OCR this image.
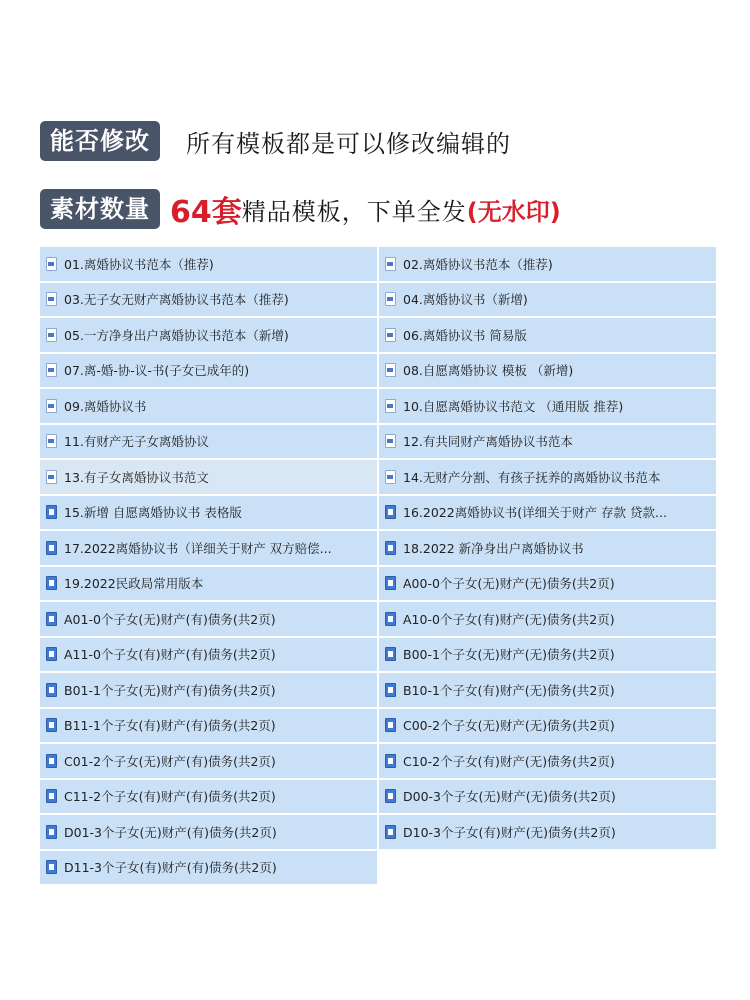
能否修改	所有模板都是可以修改编辑的
素材数量 64套 精品模板，下单全发 (无水印)
01.离婚协议书范本（推荐)	02.离婚协议书范本（推荐)
03.无子女无财产离婚协议书范本（推荐)	04.离婚协议书（新增)
05.一方净身出户离婚协议书范本（新增)	06.离婚协议书 简易版
07.离-婚-协-议-书(子女已成年的)	08.自愿离婚协议 模板 （新增)
09.离婚协议书	10.自愿离婚协议书范文 （通用版 推荐)
11.有财产无子女离婚协议	12.有共同财产离婚协议书范本
13.有子女离婚协议书范文	14.无财产分割、有孩子抚养的离婚协议书范本
15.新增 自愿离婚协议书 表格版	16.2022离婚协议书(详细关于财产 存款 贷款...
17.2022离婚协议书（详细关于财产 双方赔偿...	18.2022 新净身出户离婚协议书
19.2022民政局常用版本	A00-0个子女(无)财产(无)债务(共2页)
A01-0个子女(无)财产(有)债务(共2页)	A10-0个子女(有)财产(无)债务(共2页)
A11-0个子女(有)财产(有)债务(共2页)	B00-1个子女(无)财产(无)债务(共2页)
B01-1个子女(无)财产(有)债务(共2页)	B10-1个子女(有)财产(无)债务(共2页)
B11-1个子女(有)财产(有)债务(共2页)	C00-2个子女(无)财产(无)债务(共2页)
C01-2个子女(无)财产(有)债务(共2页)	C10-2个子女(有)财产(无)债务(共2页)
C11-2个子女(有)财产(有)债务(共2页)	D00-3个子女(无)财产(无)债务(共2页)
D01-3个子女(无)财产(有)债务(共2页)	D10-3个子女(有)财产(无)债务(共2页)
D11-3个子女(有)财产(有)债务(共2页)
